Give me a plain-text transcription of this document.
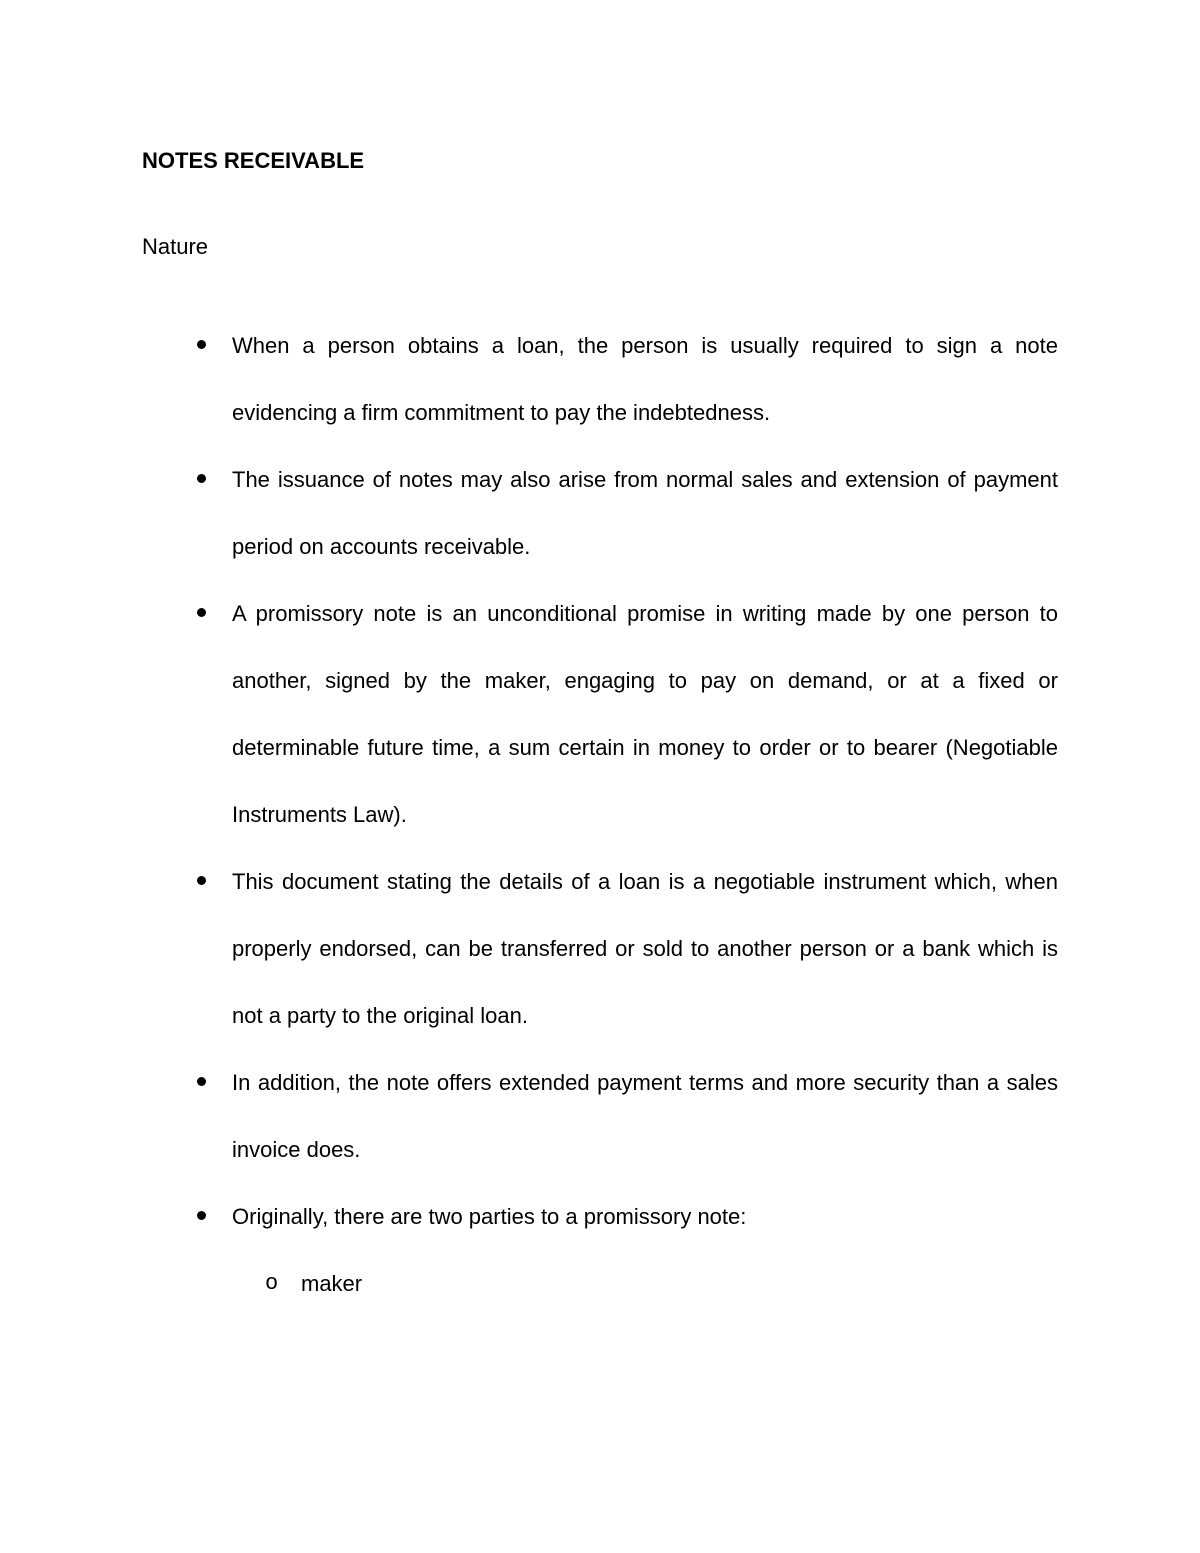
NOTES RECEIVABLE
Nature
When a person obtains a loan, the person is usually required to sign a note evidencing a firm commitment to pay the indebtedness.
The issuance of notes may also arise from normal sales and extension of payment period on accounts receivable.
A promissory note is an unconditional promise in writing made by one person to another, signed by the maker, engaging to pay on demand, or at a fixed or determinable future time, a sum certain in money to order or to bearer (Negotiable Instruments Law).
This document stating the details of a loan is a negotiable instrument which, when properly endorsed, can be transferred or sold to another person or a bank which is not a party to the original loan.
In addition, the note offers extended payment terms and more security than a sales invoice does.
Originally, there are two parties to a promissory note:
o maker
